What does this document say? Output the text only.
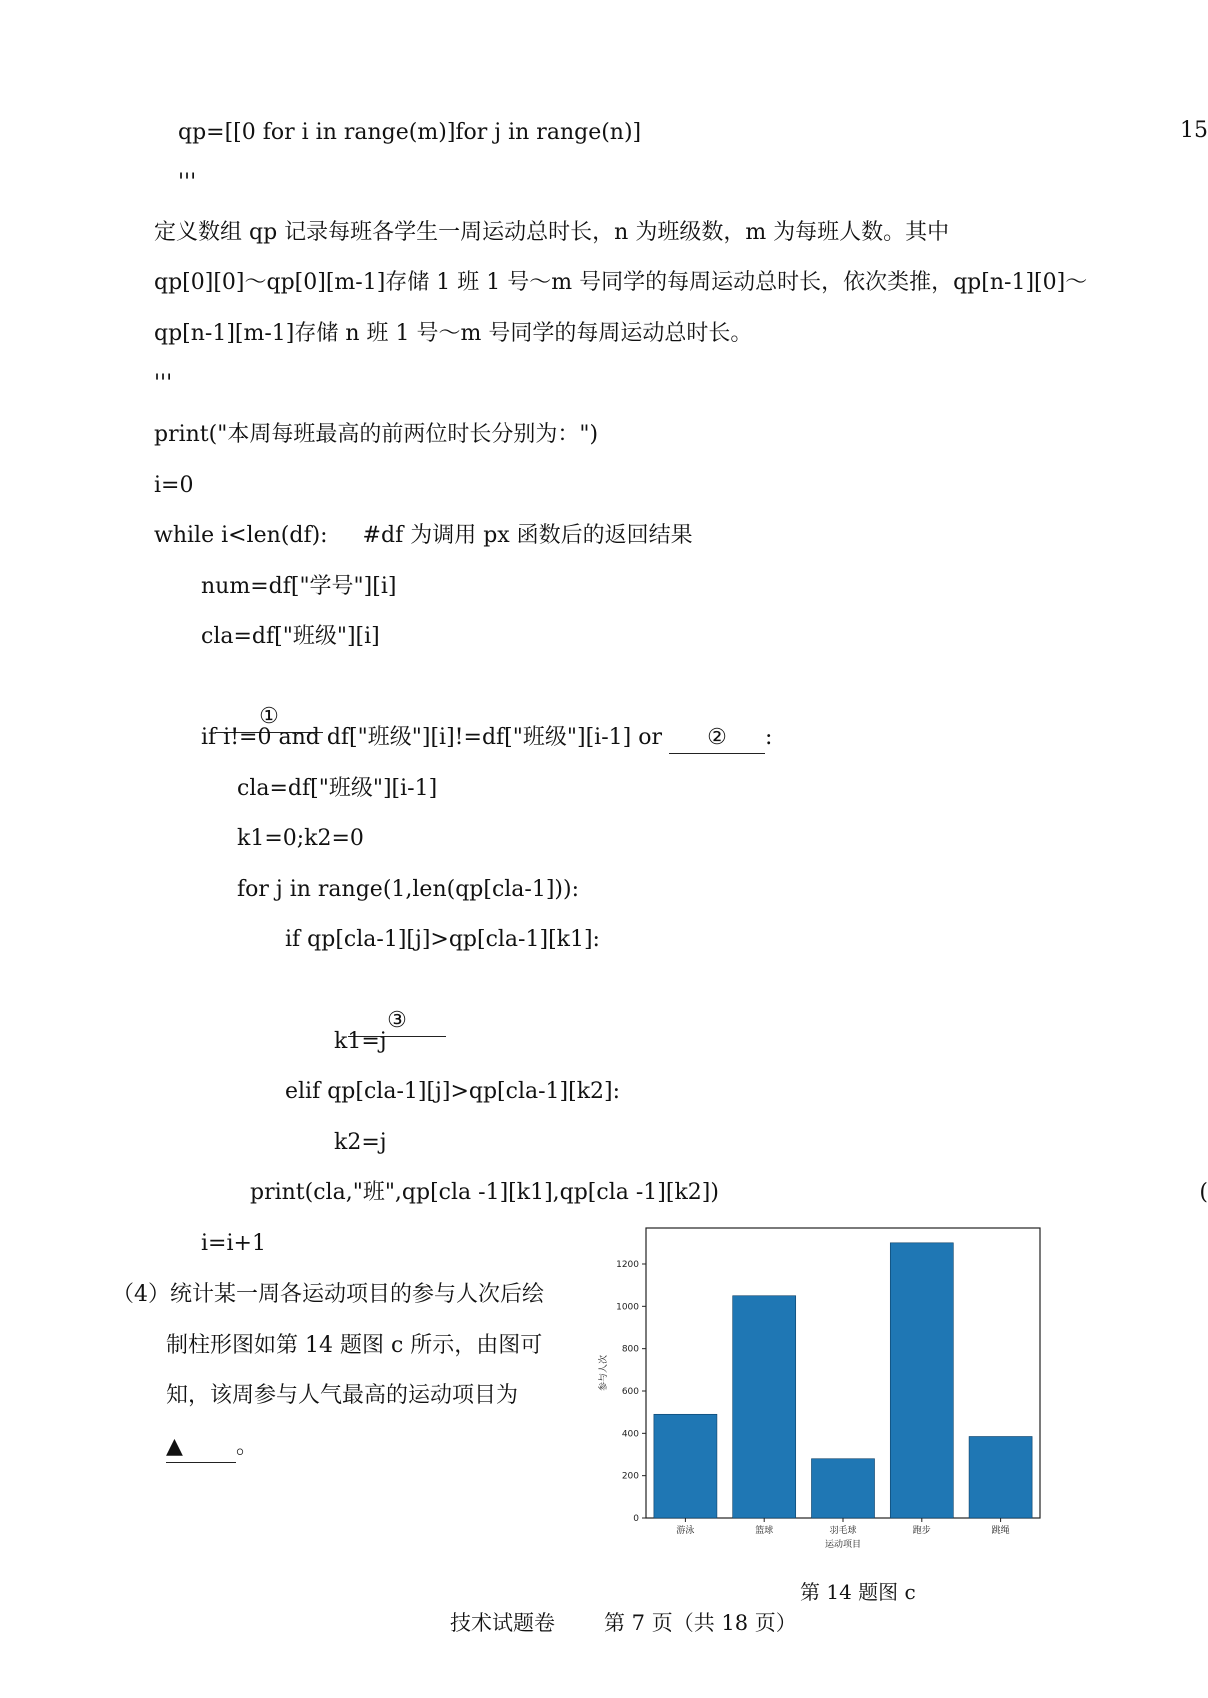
15
(
qp=[[0 for i in range(m)]for j in range(n)]
'''
定义数组 qp 记录每班各学生一周运动总时长，n 为班级数，m 为每班人数。其中
qp[0][0]～qp[0][m-1]存储 1 班 1 号～m 号同学的每周运动总时长，依次类推，qp[n-1][0]～
qp[n-1][m-1]存储 n 班 1 号～m 号同学的每周运动总时长。
'''
print("本周每班最高的前两位时长分别为：")
i=0
while i<len(df):     #df 为调用 px 函数后的返回结果
num=df["学号"][i]
cla=df["班级"][i]

①

if i!=0 and df["班级"][i]!=df["班级"][i-1] or ② :
cla=df["班级"][i-1]
k1=0;k2=0
for j in range(1,len(qp[cla-1])):
if qp[cla-1][j]>qp[cla-1][k1]:

③

k1=j
elif qp[cla-1][j]>qp[cla-1][k2]:
k2=j
print(cla,"班",qp[cla -1][k1],qp[cla -1][k2])
i=i+1
（4）统计某一周各运动项目的参与人次后绘
制柱形图如第 14 题图 c 所示，由图可
知，该周参与人气最高的运动项目为
▲ 。
0
200
400
600
800
1000
1200
游泳	篮球	羽毛球	跑步	跳绳
运动项目
参与人次
第 14 题图 c
技术试题卷 第 7 页（共 18 页）
